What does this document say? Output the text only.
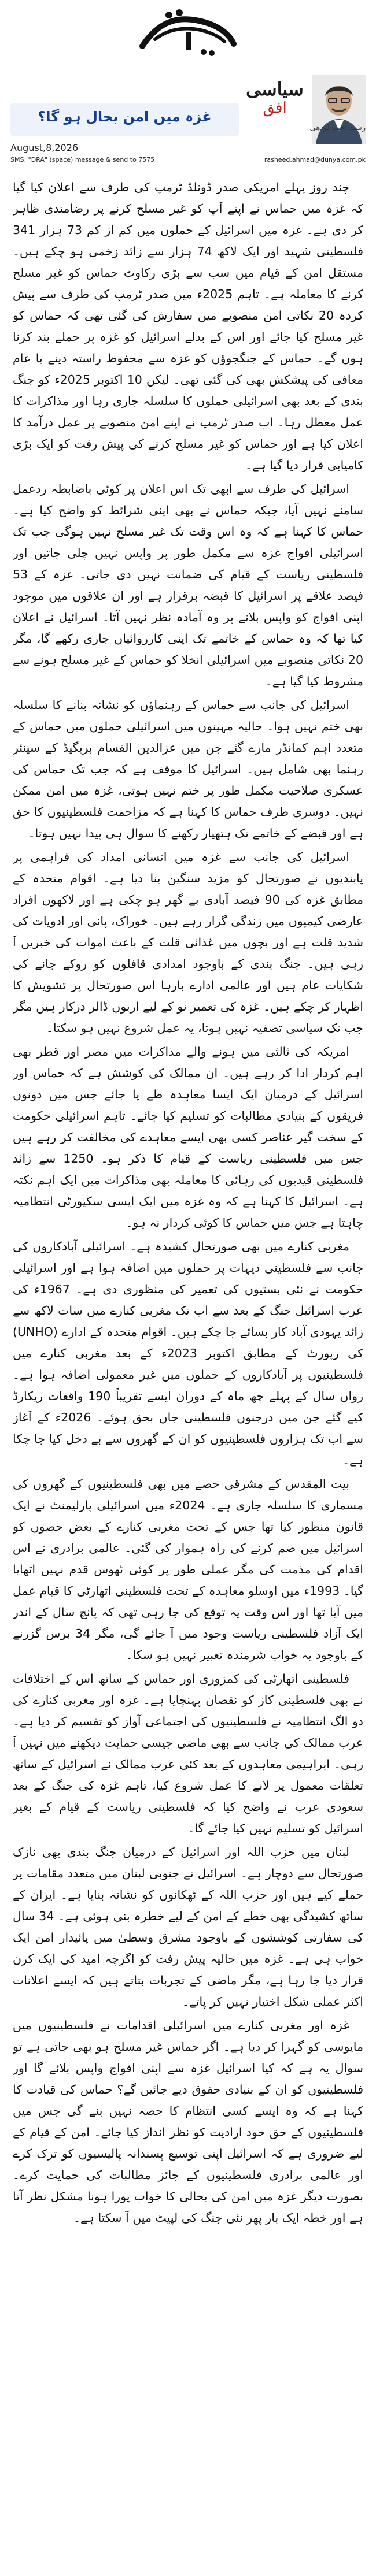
غزہ میں امن بحال ہو گا؟
سیاسی
افق
رشید احمد لودھی
August,8,2026
SMS: "DRA" (space) message & send to 7575	rasheed.ahmad@dunya.com.pk

چند روز پہلے امریکی صدر ڈونلڈ ٹرمپ کی طرف سے اعلان کیا گیا کہ غزہ میں حماس نے اپنے آپ کو غیر مسلح کرنے پر رضامندی ظاہر کر دی ہے۔ غزہ میں اسرائیل کے حملوں میں کم از کم 73 ہزار 341 فلسطینی شہید اور ایک لاکھ 74 ہزار سے زائد زخمی ہو چکے ہیں۔ مستقل امن کے قیام میں سب سے بڑی رکاوٹ حماس کو غیر مسلح کرنے کا معاملہ ہے۔ تاہم 2025ء میں صدر ٹرمپ کی طرف سے پیش کردہ 20 نکاتی امن منصوبے میں سفارش کی گئی تھی کہ حماس کو غیر مسلح کیا جائے اور اس کے بدلے اسرائیل کو غزہ پر حملے بند کرنا ہوں گے۔ حماس کے جنگجوؤں کو غزہ سے محفوظ راستہ دینے یا عام معافی کی پیشکش بھی کی گئی تھی۔ لیکن 10 اکتوبر 2025ء کو جنگ بندی کے بعد بھی اسرائیلی حملوں کا سلسلہ جاری رہا اور مذاکرات کا عمل معطل رہا۔ اب صدر ٹرمپ نے اپنے امن منصوبے پر عمل درآمد کا اعلان کیا ہے اور حماس کو غیر مسلح کرنے کی پیش رفت کو ایک بڑی کامیابی قرار دیا گیا ہے۔

اسرائیل کی طرف سے ابھی تک اس اعلان پر کوئی باضابطہ ردعمل سامنے نہیں آیا، جبکہ حماس نے بھی اپنی شرائط کو واضح کیا ہے۔ حماس کا کہنا ہے کہ وہ اس وقت تک غیر مسلح نہیں ہوگی جب تک اسرائیلی افواج غزہ سے مکمل طور پر واپس نہیں چلی جاتیں اور فلسطینی ریاست کے قیام کی ضمانت نہیں دی جاتی۔ غزہ کے 53 فیصد علاقے پر اسرائیل کا قبضہ برقرار ہے اور ان علاقوں میں موجود اپنی افواج کو واپس بلانے پر وہ آمادہ نظر نہیں آتا۔ اسرائیل نے اعلان کیا تھا کہ وہ حماس کے خاتمے تک اپنی کارروائیاں جاری رکھے گا، مگر 20 نکاتی منصوبے میں اسرائیلی انخلا کو حماس کے غیر مسلح ہونے سے مشروط کیا گیا ہے۔

اسرائیل کی جانب سے حماس کے رہنماؤں کو نشانہ بنانے کا سلسلہ بھی ختم نہیں ہوا۔ حالیہ مہینوں میں اسرائیلی حملوں میں حماس کے متعدد اہم کمانڈر مارے گئے جن میں عزالدین القسام بریگیڈ کے سینئر رہنما بھی شامل ہیں۔ اسرائیل کا موقف ہے کہ جب تک حماس کی عسکری صلاحیت مکمل طور پر ختم نہیں ہوتی، غزہ میں امن ممکن نہیں۔ دوسری طرف حماس کا کہنا ہے کہ مزاحمت فلسطینیوں کا حق ہے اور قبضے کے خاتمے تک ہتھیار رکھنے کا سوال ہی پیدا نہیں ہوتا۔

اسرائیل کی جانب سے غزہ میں انسانی امداد کی فراہمی پر پابندیوں نے صورتحال کو مزید سنگین بنا دیا ہے۔ اقوام متحدہ کے مطابق غزہ کی 90 فیصد آبادی بے گھر ہو چکی ہے اور لاکھوں افراد عارضی کیمپوں میں زندگی گزار رہے ہیں۔ خوراک، پانی اور ادویات کی شدید قلت ہے اور بچوں میں غذائی قلت کے باعث اموات کی خبریں آ رہی ہیں۔ جنگ بندی کے باوجود امدادی قافلوں کو روکے جانے کی شکایات عام ہیں اور عالمی ادارے بارہا اس صورتحال پر تشویش کا اظہار کر چکے ہیں۔ غزہ کی تعمیر نو کے لیے اربوں ڈالر درکار ہیں مگر جب تک سیاسی تصفیہ نہیں ہوتا، یہ عمل شروع نہیں ہو سکتا۔

امریکہ کی ثالثی میں ہونے والے مذاکرات میں مصر اور قطر بھی اہم کردار ادا کر رہے ہیں۔ ان ممالک کی کوشش ہے کہ حماس اور اسرائیل کے درمیان ایک ایسا معاہدہ طے پا جائے جس میں دونوں فریقوں کے بنیادی مطالبات کو تسلیم کیا جائے۔ تاہم اسرائیلی حکومت کے سخت گیر عناصر کسی بھی ایسے معاہدے کی مخالفت کر رہے ہیں جس میں فلسطینی ریاست کے قیام کا ذکر ہو۔ 1250 سے زائد فلسطینی قیدیوں کی رہائی کا معاملہ بھی مذاکرات میں ایک اہم نکتہ ہے۔ اسرائیل کا کہنا ہے کہ وہ غزہ میں ایک ایسی سکیورٹی انتظامیہ چاہتا ہے جس میں حماس کا کوئی کردار نہ ہو۔

مغربی کنارے میں بھی صورتحال کشیدہ ہے۔ اسرائیلی آبادکاروں کی جانب سے فلسطینی دیہات پر حملوں میں اضافہ ہوا ہے اور اسرائیلی حکومت نے نئی بستیوں کی تعمیر کی منظوری دی ہے۔ 1967ء کی عرب اسرائیل جنگ کے بعد سے اب تک مغربی کنارے میں سات لاکھ سے زائد یہودی آباد کار بسائے جا چکے ہیں۔ اقوام متحدہ کے ادارے (UNHO) کی رپورٹ کے مطابق اکتوبر 2023ء کے بعد مغربی کنارے میں فلسطینیوں پر آبادکاروں کے حملوں میں غیر معمولی اضافہ ہوا ہے۔ رواں سال کے پہلے چھ ماہ کے دوران ایسے تقریباً 190 واقعات ریکارڈ کیے گئے جن میں درجنوں فلسطینی جاں بحق ہوئے۔ 2026ء کے آغاز سے اب تک ہزاروں فلسطینیوں کو ان کے گھروں سے بے دخل کیا جا چکا ہے۔

بیت المقدس کے مشرقی حصے میں بھی فلسطینیوں کے گھروں کی مسماری کا سلسلہ جاری ہے۔ 2024ء میں اسرائیلی پارلیمنٹ نے ایک قانون منظور کیا تھا جس کے تحت مغربی کنارے کے بعض حصوں کو اسرائیل میں ضم کرنے کی راہ ہموار کی گئی۔ عالمی برادری نے اس اقدام کی مذمت کی مگر عملی طور پر کوئی ٹھوس قدم نہیں اٹھایا گیا۔ 1993ء میں اوسلو معاہدہ کے تحت فلسطینی اتھارٹی کا قیام عمل میں آیا تھا اور اس وقت یہ توقع کی جا رہی تھی کہ پانچ سال کے اندر ایک آزاد فلسطینی ریاست وجود میں آ جائے گی، مگر 34 برس گزرنے کے باوجود یہ خواب شرمندہ تعبیر نہیں ہو سکا۔

فلسطینی اتھارٹی کی کمزوری اور حماس کے ساتھ اس کے اختلافات نے بھی فلسطینی کاز کو نقصان پہنچایا ہے۔ غزہ اور مغربی کنارے کی دو الگ انتظامیہ نے فلسطینیوں کی اجتماعی آواز کو تقسیم کر دیا ہے۔ عرب ممالک کی جانب سے بھی ماضی جیسی حمایت دیکھنے میں نہیں آ رہی۔ ابراہیمی معاہدوں کے بعد کئی عرب ممالک نے اسرائیل کے ساتھ تعلقات معمول پر لانے کا عمل شروع کیا، تاہم غزہ کی جنگ کے بعد سعودی عرب نے واضح کیا کہ فلسطینی ریاست کے قیام کے بغیر اسرائیل کو تسلیم نہیں کیا جائے گا۔

لبنان میں حزب اللہ اور اسرائیل کے درمیان جنگ بندی بھی نازک صورتحال سے دوچار ہے۔ اسرائیل نے جنوبی لبنان میں متعدد مقامات پر حملے کیے ہیں اور حزب اللہ کے ٹھکانوں کو نشانہ بنایا ہے۔ ایران کے ساتھ کشیدگی بھی خطے کے امن کے لیے خطرہ بنی ہوئی ہے۔ 34 سال کی سفارتی کوششوں کے باوجود مشرق وسطیٰ میں پائیدار امن ایک خواب ہی ہے۔ غزہ میں حالیہ پیش رفت کو اگرچہ امید کی ایک کرن قرار دیا جا رہا ہے، مگر ماضی کے تجربات بتاتے ہیں کہ ایسے اعلانات اکثر عملی شکل اختیار نہیں کر پاتے۔

غزہ اور مغربی کنارے میں اسرائیلی اقدامات نے فلسطینیوں میں مایوسی کو گہرا کر دیا ہے۔ اگر حماس غیر مسلح ہو بھی جاتی ہے تو سوال یہ ہے کہ کیا اسرائیل غزہ سے اپنی افواج واپس بلائے گا اور فلسطینیوں کو ان کے بنیادی حقوق دیے جائیں گے؟ حماس کی قیادت کا کہنا ہے کہ وہ ایسے کسی انتظام کا حصہ نہیں بنے گی جس میں فلسطینیوں کے حق خود ارادیت کو نظر انداز کیا جائے۔ امن کے قیام کے لیے ضروری ہے کہ اسرائیل اپنی توسیع پسندانہ پالیسیوں کو ترک کرے اور عالمی برادری فلسطینیوں کے جائز مطالبات کی حمایت کرے۔ بصورت دیگر غزہ میں امن کی بحالی کا خواب پورا ہونا مشکل نظر آتا ہے اور خطہ ایک بار پھر نئی جنگ کی لپیٹ میں آ سکتا ہے۔
